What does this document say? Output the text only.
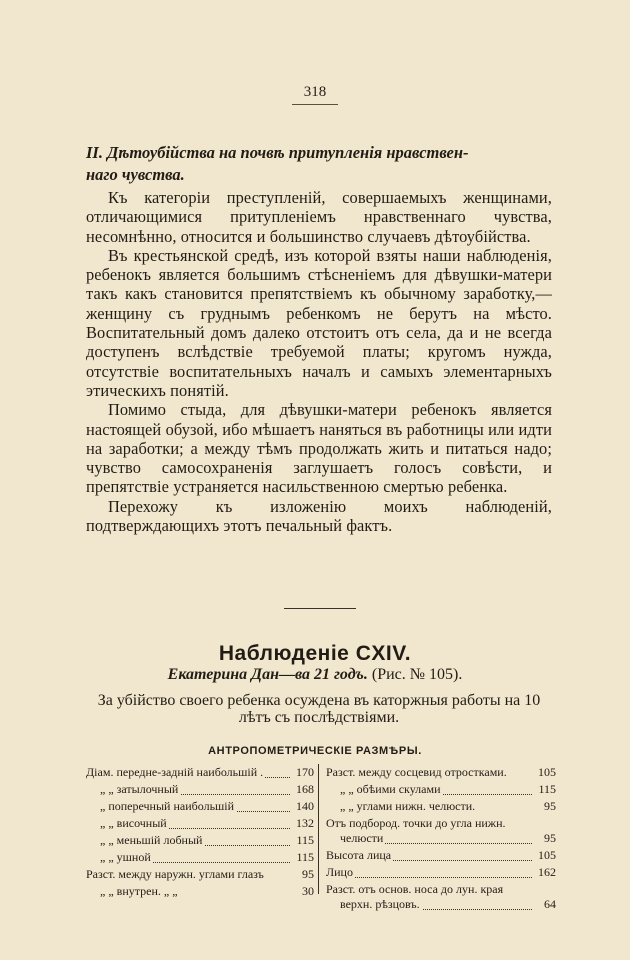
318
II. Дѣтоубійства на почвѣ притупленія нравствен-
наго чувства.

Къ категоріи преступленій, совершаемыхъ женщинами, отличающимися притупленіемъ нравственнаго чувства, несомнѣнно, относится и большинство случаевъ дѣтоубійства.

Въ крестьянской средѣ, изъ которой взяты наши наблюденія, ребенокъ является большимъ стѣсненіемъ для дѣвушки-матери такъ какъ становится препятствіемъ къ обычному заработку,—женщину съ груднымъ ребенкомъ не берутъ на мѣсто. Воспитательный домъ далеко отстоитъ отъ села, да и не всегда доступенъ вслѣдствіе требуемой платы; кругомъ нужда, отсутствіе воспитательныхъ началъ и самыхъ элементарныхъ этическихъ понятій.

Помимо стыда, для дѣвушки-матери ребенокъ является настоящей обузой, ибо мѣшаетъ наняться въ работницы или идти на заработки; а между тѣмъ продолжать жить и питаться надо; чувство самосохраненія заглушаетъ голосъ совѣсти, и препятствіе устраняется насильственною смертью ребенка.

Перехожу къ изложенію моихъ наблюденій, подтверждающихъ этотъ печальный фактъ.

Наблюденіе CXIV.
Екатерина Дан—ва 21 годъ. (Рис. № 105).
За убійство своего ребенка осуждена въ каторжныя работы на 10 лѣтъ съ послѣдствіями.
АНТРОПОМЕТРИЧЕСКІЕ РАЗМѢРЫ.
Діам. передне-задній наибольшій .	170
„ „ затылочный	168
„ поперечный наибольшій	140
„ „ височный	132
„ „ меньшій лобный	115
„ „ ушной	115
Разст. между наружн. углами глазъ	95
„ „ внутрен. „ „	30
Разст. между сосцевид отростками.	105
„ „ обѣими скулами	115
„ „ углами нижн. челюсти.	95
Отъ подбород. точки до угла нижн.
челюсти	95
Высота лица	105
Лицо	162
Разст. отъ основ. носа до лун. края
верхн. рѣзцовъ.	64
